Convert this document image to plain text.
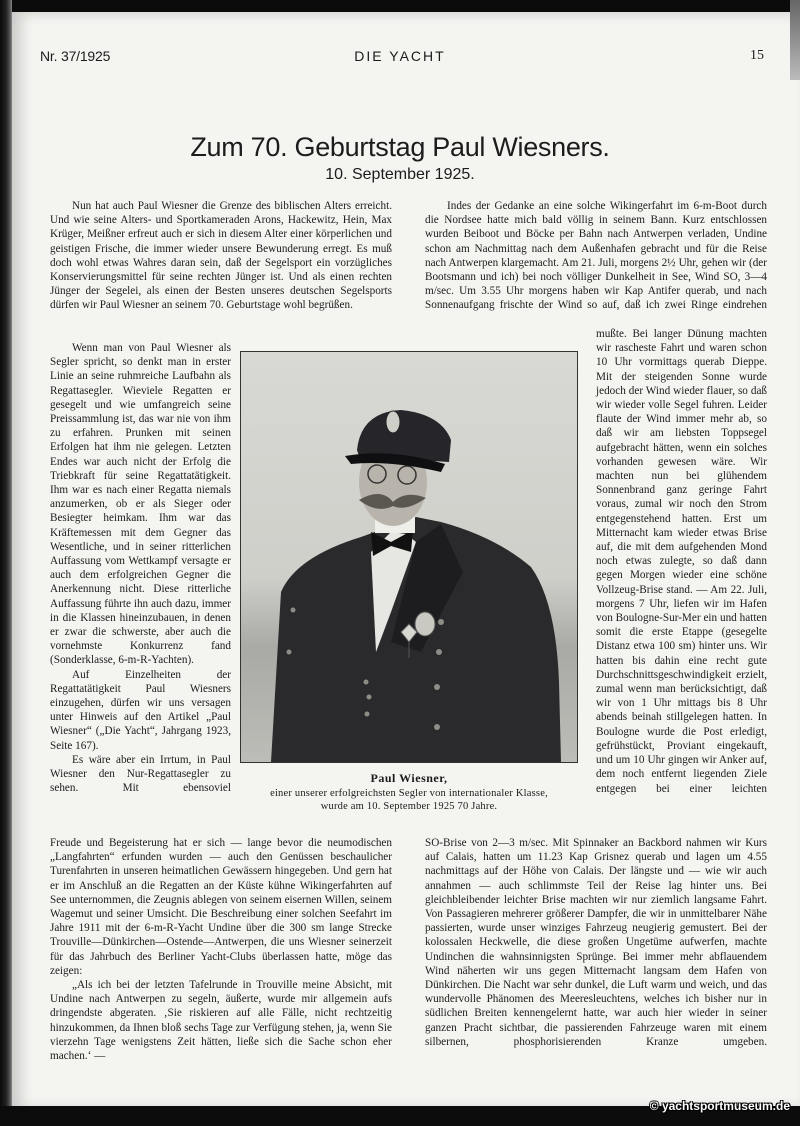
Nr. 37/1925	DIE YACHT	15
Zum 70. Geburtstag Paul Wiesners.
10. September 1925.

Nun hat auch Paul Wiesner die Grenze des biblischen Alters erreicht. Und wie seine Alters- und Sportkameraden Arons, Hackewitz, Hein, Max Krüger, Meißner erfreut auch er sich in diesem Alter einer körperlichen und geistigen Frische, die immer wieder unsere Bewunderung erregt. Es muß doch wohl etwas Wahres daran sein, daß der Segelsport ein vorzügliches Konservierungsmittel für seine rechten Jünger ist. Und als einen rechten Jünger der Segelei, als einen der Besten unseres deutschen Segelsports dürfen wir Paul Wiesner an seinem 70. Geburtstage wohl begrüßen.

Wenn man von Paul Wiesner als Segler spricht, so denkt man in erster Linie an seine ruhmreiche Laufbahn als Regattasegler. Wieviele Regatten er gesegelt und wie umfangreich seine Preissammlung ist, das war nie von ihm zu erfahren. Prunken mit seinen Erfolgen hat ihm nie gelegen. Letzten Endes war auch nicht der Erfolg die Triebkraft für seine Regattatätigkeit. Ihm war es nach einer Regatta niemals anzumerken, ob er als Sieger oder Besiegter heimkam. Ihm war das Kräftemessen mit dem Gegner das Wesentliche, und in seiner ritterlichen Auffassung vom Wettkampf versagte er auch dem erfolgreichen Gegner die Anerkennung nicht. Diese ritterliche Auffassung führte ihn auch dazu, immer in die Klassen hineinzubauen, in denen er zwar die schwerste, aber auch die vornehmste Konkurrenz fand (Sonderklasse, 6-m-R-Yachten).

Auf Einzelheiten der Regattatätigkeit Paul Wiesners einzugehen, dürfen wir uns versagen unter Hinweis auf den Artikel „Paul Wiesner“ („Die Yacht“, Jahrgang 1923, Seite 167).

Es wäre aber ein Irrtum, in Paul Wiesner den Nur-Regattasegler zu sehen. Mit ebensoviel

Freude und Begeisterung hat er sich — lange bevor die neumodischen „Langfahrten“ erfunden wurden — auch den Genüssen beschaulicher Turenfahrten in unseren heimatlichen Gewässern hingegeben. Und gern hat er im Anschluß an die Regatten an der Küste kühne Wikingerfahrten auf See unternommen, die Zeugnis ablegen von seinem eisernen Willen, seinem Wagemut und seiner Umsicht. Die Beschreibung einer solchen Seefahrt im Jahre 1911 mit der 6-m-R-Yacht Undine über die 300 sm lange Strecke Trouville—Dünkirchen—Ostende—Antwerpen, die uns Wiesner seinerzeit für das Jahrbuch des Berliner Yacht-Clubs überlassen hatte, möge das zeigen:

„Als ich bei der letzten Tafelrunde in Trouville meine Absicht, mit Undine nach Antwerpen zu segeln, äußerte, wurde mir allgemein aufs dringendste abgeraten. ‚Sie riskieren auf alle Fälle, nicht rechtzeitig hinzukommen, da Ihnen bloß sechs Tage zur Verfügung stehen, ja, wenn Sie vierzehn Tage wenigstens Zeit hätten, ließe sich die Sache schon eher machen.‘ —

Indes der Gedanke an eine solche Wikingerfahrt im 6-m-Boot durch die Nordsee hatte mich bald völlig in seinem Bann. Kurz entschlossen wurden Beiboot und Böcke per Bahn nach Antwerpen verladen, Undine schon am Nachmittag nach dem Außenhafen gebracht und für die Reise nach Antwerpen klargemacht. Am 21. Juli, morgens 2½ Uhr, gehen wir (der Bootsmann und ich) bei noch völliger Dunkelheit in See, Wind SO, 3—4 m/sec. Um 3.55 Uhr morgens haben wir Kap Antifer querab, und nach Sonnenaufgang frischte der Wind so auf, daß ich zwei Ringe eindrehen

mußte. Bei langer Dünung machten wir rascheste Fahrt und waren schon 10 Uhr vormittags querab Dieppe. Mit der steigenden Sonne wurde jedoch der Wind wieder flauer, so daß wir wieder volle Segel fuhren. Leider flaute der Wind immer mehr ab, so daß wir am liebsten Toppsegel aufgebracht hätten, wenn ein solches vorhanden gewesen wäre. Wir machten nun bei glühendem Sonnenbrand ganz geringe Fahrt voraus, zumal wir noch den Strom entgegenstehend hatten. Erst um Mitternacht kam wieder etwas Brise auf, die mit dem aufgehenden Mond noch etwas zulegte, so daß dann gegen Morgen wieder eine schöne Vollzeug-Brise stand. — Am 22. Juli, morgens 7 Uhr, liefen wir im Hafen von Boulogne-Sur-Mer ein und hatten somit die erste Etappe (gesegelte Distanz etwa 100 sm) hinter uns. Wir hatten bis dahin eine recht gute Durchschnittsgeschwindigkeit erzielt, zumal wenn man berücksichtigt, daß wir von 1 Uhr mittags bis 8 Uhr abends beinah stillgelegen hatten. In Boulogne wurde die Post erledigt, gefrühstückt, Proviant eingekauft, und um 10 Uhr gingen wir Anker auf, dem noch entfernt liegenden Ziele entgegen bei einer leichten

SO-Brise von 2—3 m/sec. Mit Spinnaker an Backbord nahmen wir Kurs auf Calais, hatten um 11.23 Kap Grisnez querab und lagen um 4.55 nachmittags auf der Höhe von Calais. Der längste und — wie wir auch annahmen — auch schlimmste Teil der Reise lag hinter uns. Bei gleichbleibender leichter Brise machten wir nur ziemlich langsame Fahrt. Von Passagieren mehrerer größerer Dampfer, die wir in unmittelbarer Nähe passierten, wurde unser winziges Fahrzeug neugierig gemustert. Bei der kolossalen Heckwelle, die diese großen Ungetüme aufwerfen, machte Undinchen die wahnsinnigsten Sprünge. Bei immer mehr abflauendem Wind näherten wir uns gegen Mitternacht langsam dem Hafen von Dünkirchen. Die Nacht war sehr dunkel, die Luft warm und weich, und das wundervolle Phänomen des Meeresleuchtens, welches ich bisher nur in südlichen Breiten kennengelernt hatte, war auch hier wieder in seiner ganzen Pracht sichtbar, die passierenden Fahrzeuge waren mit einem silbernen, phosphorisierenden Kranze umgeben.

Paul Wiesner,
einer unserer erfolgreichsten Segler von internationaler Klasse,
wurde am 10. September 1925 70 Jahre.
© yachtsportmuseum.de
